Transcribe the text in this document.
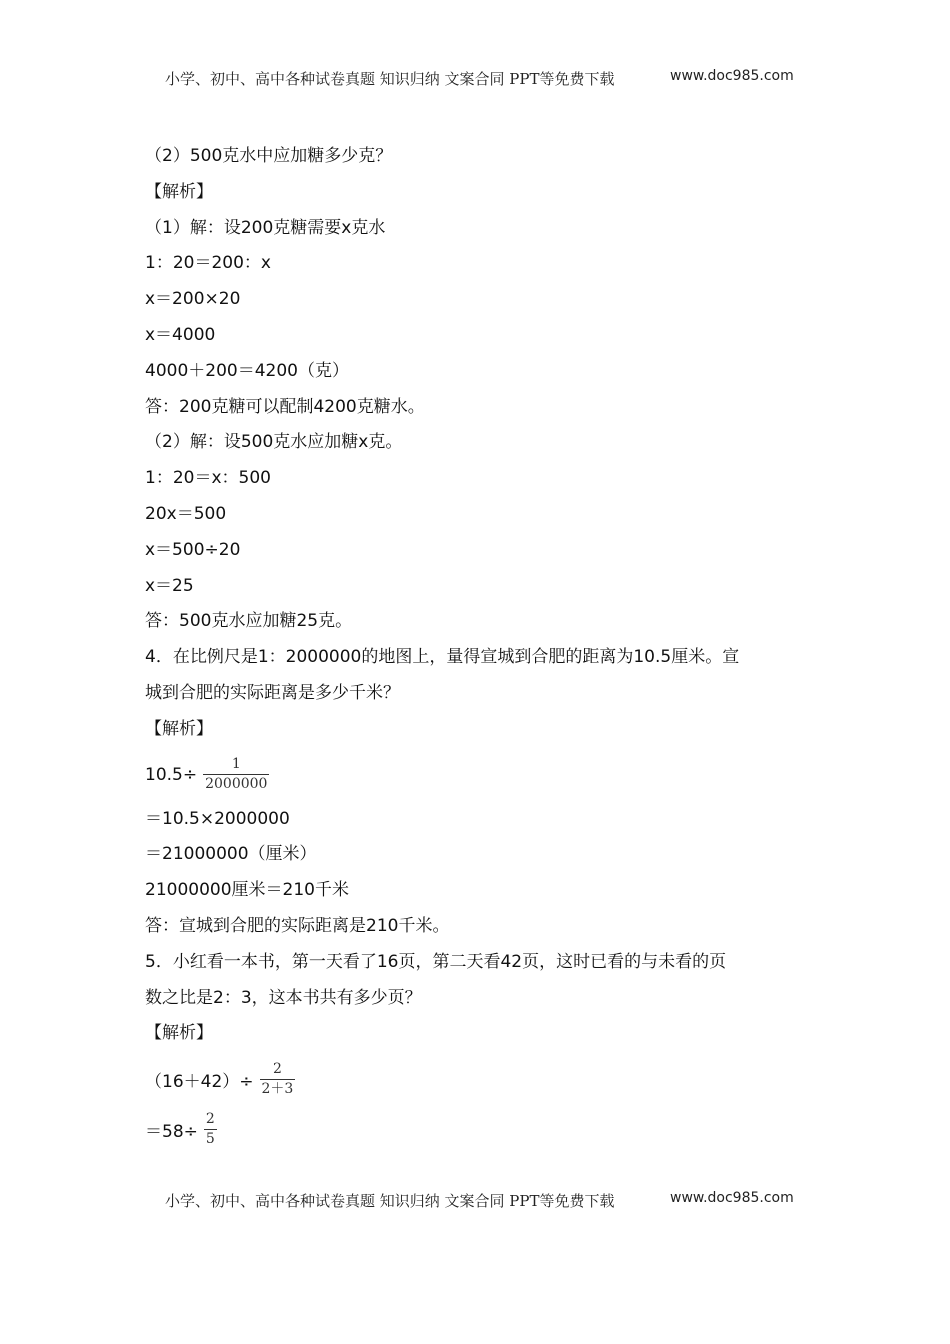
小学、初中、高中各种试卷真题 知识归纳 文案合同 PPT等免费下载	www.doc985.com
（2）500克水中应加糖多少克？
【解析】
（1）解：设200克糖需要x克水
1：20＝200：x
x＝200×20
x＝4000
4000＋200＝4200（克）
答：200克糖可以配制4200克糖水。
（2）解：设500克水应加糖x克。
1：20＝x：500
20x＝500
x＝500÷20
x＝25
答：500克水应加糖25克。
4．在比例尺是1：2000000的地图上，量得宣城到合肥的距离为10.5厘米。宣
城到合肥的实际距离是多少千米？
【解析】
$10.5\div \frac{1}{2000000}$
＝10.5×2000000
＝21000000（厘米）
21000000厘米＝210千米
答：宣城到合肥的实际距离是210千米。
5．小红看一本书，第一天看了16页，第二天看42页，这时已看的与未看的页
数之比是2：3，这本书共有多少页？
【解析】
$(16+42)\div \frac{2}{2+3}$
$=58\div \frac{2}{5}$
小学、初中、高中各种试卷真题 知识归纳 文案合同 PPT等免费下载	www.doc985.com
